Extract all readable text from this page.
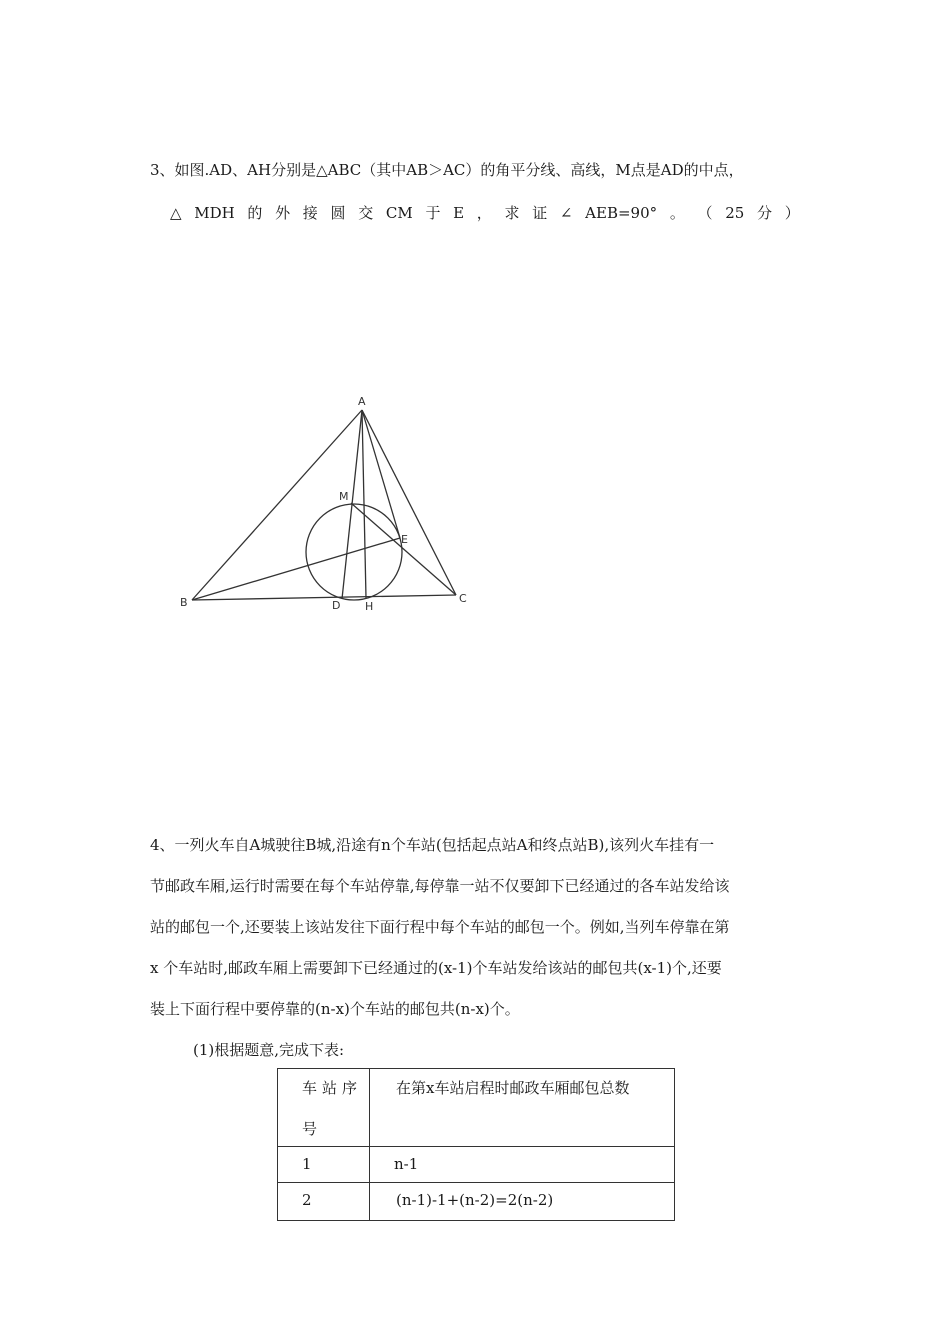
3、如图.AD、AH分别是△ABC（其中AB＞AC）的角平分线、高线，M点是AD的中点，
△ MDH 的 外 接 圆 交 CM 于 E ， 求 证 ∠ AEB=90° 。 （ 25 分 ）
A
B	C
D H
E
M
4、一列火车自A城驶往B城,沿途有n个车站(包括起点站A和终点站B),该列火车挂有一
节邮政车厢,运行时需要在每个车站停靠,每停靠一站不仅要卸下已经通过的各车站发给该
站的邮包一个,还要装上该站发往下面行程中每个车站的邮包一个。例如,当列车停靠在第
x 个车站时,邮政车厢上需要卸下已经通过的(x-1)个车站发给该站的邮包共(x-1)个,还要
装上下面行程中要停靠的(n-x)个车站的邮包共(n-x)个。
(1)根据题意,完成下表:
车站序
号	在第x车站启程时邮政车厢邮包总数

1	n-1

2	(n-1)-1+(n-2)=2(n-2)
